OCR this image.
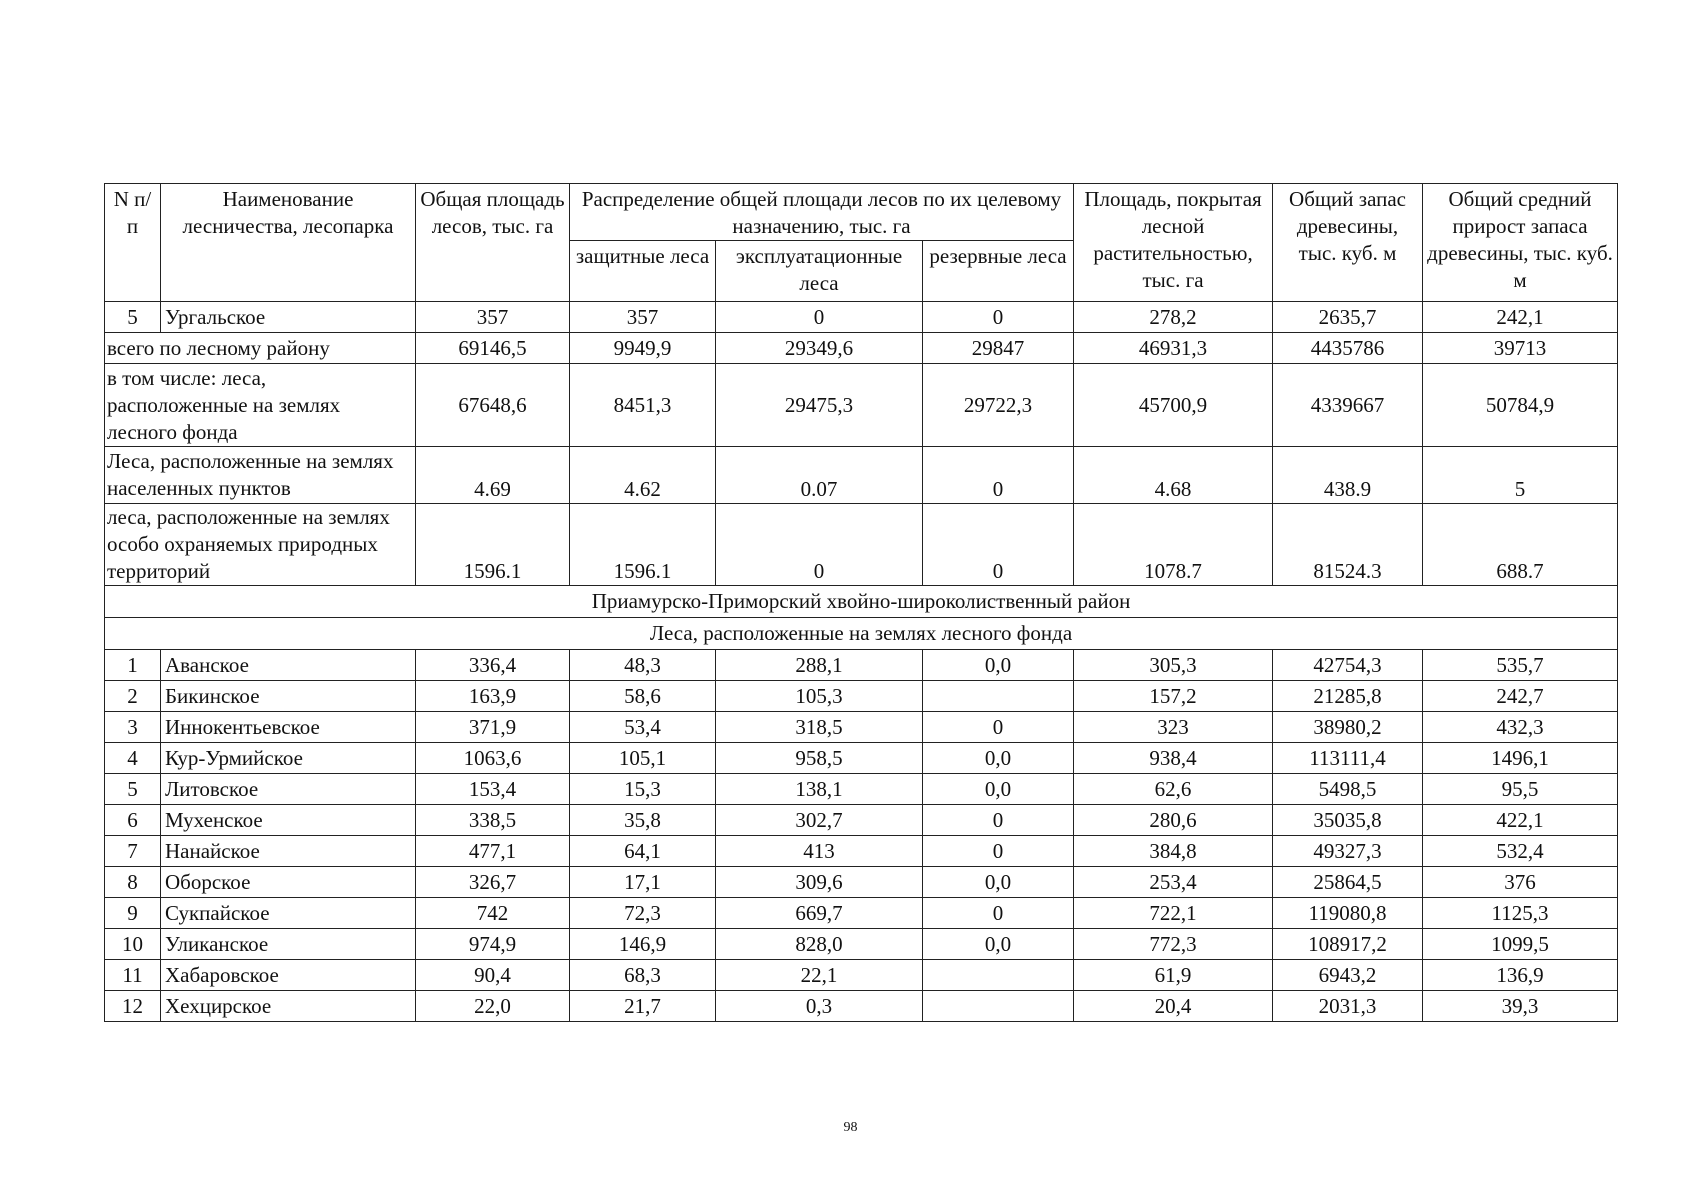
N п/п	Наименование лесничества, лесопарка	Общая площадь лесов, тыс. га	Распределение общей площади лесов по их целевому назначению, тыс. га			Площадь, покрытая лесной растительностью, тыс. га	Общий запас древесины, тыс. куб. м	Общий средний прирост запаса древесины, тыс. куб. м
			защитные леса	эксплуатационные леса	резервные леса			
5	Ургальское	357	357	0	0	278,2	2635,7	242,1
всего по лесному району		69146,5	9949,9	29349,6	29847	46931,3	4435786	39713
в том числе: леса, расположенные на землях лесного фонда		67648,6	8451,3	29475,3	29722,3	45700,9	4339667	50784,9
Леса, расположенные на землях населенных пунктов		4.69	4.62	0.07	0	4.68	438.9	5
леса, расположенные на землях особо охраняемых природных территорий		1596.1	1596.1	0	0	1078.7	81524.3	688.7
Приамурско-Приморский хвойно-широколиственный район								
Леса, расположенные на землях лесного фонда								
1	Аванское	336,4	48,3	288,1	0,0	305,3	42754,3	535,7
2	Бикинское	163,9	58,6	105,3		157,2	21285,8	242,7
3	Иннокентьевское	371,9	53,4	318,5	0	323	38980,2	432,3
4	Кур-Урмийское	1063,6	105,1	958,5	0,0	938,4	113111,4	1496,1
5	Литовское	153,4	15,3	138,1	0,0	62,6	5498,5	95,5
6	Мухенское	338,5	35,8	302,7	0	280,6	35035,8	422,1
7	Нанайское	477,1	64,1	413	0	384,8	49327,3	532,4
8	Оборское	326,7	17,1	309,6	0,0	253,4	25864,5	376
9	Сукпайское	742	72,3	669,7	0	722,1	119080,8	1125,3
10	Уликанское	974,9	146,9	828,0	0,0	772,3	108917,2	1099,5
11	Хабаровское	90,4	68,3	22,1		61,9	6943,2	136,9
12	Хехцирское	22,0	21,7	0,3		20,4	2031,3	39,3
98
